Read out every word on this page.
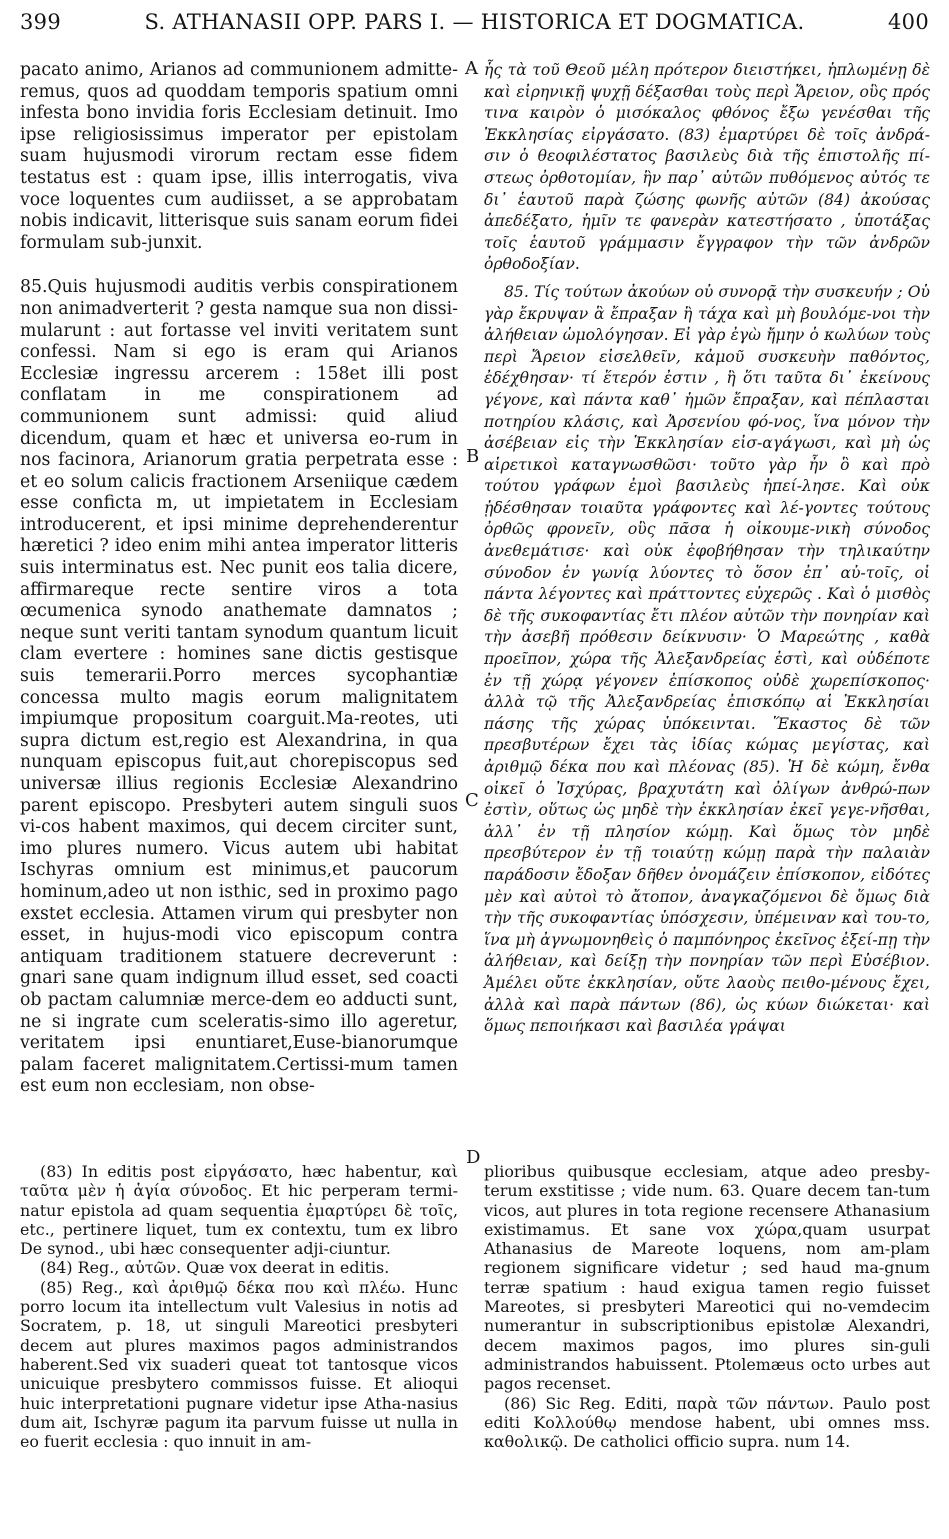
399	S. ATHANASII OPP. PARS I. — HISTORICA ET DOGMATICA.	400
A
B
C
D

pacato animo, Arianos ad communionem admitte-remus, quos ad quoddam temporis spatium omni infesta bono invidia foris Ecclesiam detinuit. Imo ipse religiosissimus imperator per epistolam suam hujusmodi virorum rectam esse fidem testatus est : quam ipse, illis interrogatis, viva voce loquentes cum audiisset, a se approbatam nobis indicavit, litterisque suis sanam eorum fidei formulam sub-junxit.

85.Quis hujusmodi auditis verbis conspirationem non animadverterit ? gesta namque sua non dissi-mularunt : aut fortasse vel inviti veritatem sunt confessi. Nam si ego is eram qui Arianos Ecclesiæ ingressu arcerem : 158et illi post conflatam in me conspirationem ad communionem sunt admissi: quid aliud dicendum, quam et hæc et universa eo-rum in nos facinora, Arianorum gratia perpetrata esse : et eo solum calicis fractionem Arseniique cædem esse conficta m, ut impietatem in Ecclesiam introducerent, et ipsi minime deprehenderentur hæretici ? ideo enim mihi antea imperator litteris suis interminatus est. Nec punit eos talia dicere, affirmareque recte sentire viros a tota œcumenica synodo anathemate damnatos ; neque sunt veriti tantam synodum quantum licuit clam evertere : homines sane dictis gestisque suis temerarii.Porro merces sycophantiæ concessa multo magis eorum malignitatem impiumque propositum coarguit.Ma-reotes, uti supra dictum est,regio est Alexandrina, in qua nunquam episcopus fuit,aut chorepiscopus sed universæ illius regionis Ecclesiæ Alexandrino parent episcopo. Presbyteri autem singuli suos vi-cos habent maximos, qui decem circiter sunt, imo plures numero. Vicus autem ubi habitat Ischyras omnium est minimus,et paucorum hominum,adeo ut non isthic, sed in proximo pago exstet ecclesia. Attamen virum qui presbyter non esset, in hujus-modi vico episcopum contra antiquam traditionem statuere decreverunt : gnari sane quam indignum illud esset, sed coacti ob pactam calumniæ merce-dem eo adducti sunt, ne si ingrate cum sceleratis-simo illo ageretur, veritatem ipsi enuntiaret,Euse-bianorumque palam faceret malignitatem.Certissi-mum tamen est eum non ecclesiam, non obse-

ἧς τὰ τοῦ Θεοῦ μέλη πρότερον διειστήκει, ἡπλωμένῃ δὲ καὶ εἰρηνικῇ ψυχῇ δέξασθαι τοὺς περὶ Ἄρειον, οὓς πρός τινα καιρὸν ὁ μισόκαλος φθόνος ἔξω γενέσθαι τῆς Ἐκκλησίας εἰργάσατο. (83) ἐμαρτύρει δὲ τοῖς ἀνδρά-σιν ὁ θεοφιλέστατος βασιλεὺς διὰ τῆς ἐπιστολῆς πί-στεως ὀρθοτομίαν, ἣν παρ᾽ αὐτῶν πυθόμενος αὐτός τε δι᾽ ἑαυτοῦ παρὰ ζώσης φωνῆς αὐτῶν (84) ἀκούσας ἀπεδέξατο, ἡμῖν τε φανερὰν κατεστήσατο , ὑποτάξας τοῖς ἑαυτοῦ γράμμασιν ἔγγραφον τὴν τῶν ἀνδρῶν ὀρθοδοξίαν.

85. Τίς τούτων ἀκούων οὐ συνορᾷ τὴν συσκευήν ; Οὐ γὰρ ἔκρυψαν ἃ ἔπραξαν ἢ τάχα καὶ μὴ βουλόμε-νοι τὴν ἀλήθειαν ὡμολόγησαν. Εἰ γὰρ ἐγὼ ἤμην ὁ κωλύων τοὺς περὶ Ἄρειον εἰσελθεῖν, κἀμοῦ συσκευὴν παθόντος, ἐδέχθησαν· τί ἕτερόν ἐστιν , ἢ ὅτι ταῦτα δι᾽ ἐκείνους γέγονε, καὶ πάντα καθ᾽ ἡμῶν ἔπραξαν, καὶ πέπλασται ποτηρίου κλάσις, καὶ Ἀρσενίου φό-νος, ἵνα μόνον τὴν ἀσέβειαν εἰς τὴν Ἐκκλησίαν εἰσ-αγάγωσι, καὶ μὴ ὡς αἱρετικοὶ καταγνωσθῶσι· τοῦτο γὰρ ἦν ὃ καὶ πρὸ τούτου γράφων ἐμοὶ βασιλεὺς ἠπεί-λησε. Καὶ οὐκ ᾐδέσθησαν τοιαῦτα γράφοντες καὶ λέ-γοντες τούτους ὀρθῶς φρονεῖν, οὓς πᾶσα ἡ οἰκουμε-νικὴ σύνοδος ἀνεθεμάτισε· καὶ οὐκ ἐφοβήθησαν τὴν τηλικαύτην σύνοδον ἐν γωνίᾳ λύοντες τὸ ὅσον ἐπ᾽ αὐ-τοῖς, οἱ πάντα λέγοντες καὶ πράττοντες εὐχερῶς . Καὶ ὁ μισθὸς δὲ τῆς συκοφαντίας ἔτι πλέον αὐτῶν τὴν πονηρίαν καὶ τὴν ἀσεβῆ πρόθεσιν δείκνυσιν· Ὁ Μαρεώτης , καθὰ προεῖπον, χώρα τῆς Ἀλεξανδρείας ἐστὶ, καὶ οὐδέποτε ἐν τῇ χώρᾳ γέγονεν ἐπίσκοπος οὐδὲ χωρεπίσκοπος· ἀλλὰ τῷ τῆς Ἀλεξανδρείας ἐπισκόπῳ αἱ Ἐκκλησίαι πάσης τῆς χώρας ὑπόκεινται. Ἕκαστος δὲ τῶν πρεσβυτέρων ἔχει τὰς ἰδίας κώμας μεγίστας, καὶ ἀριθμῷ δέκα που καὶ πλέονας (85). Ἡ δὲ κώμη, ἔνθα οἰκεῖ ὁ Ἰσχύρας, βραχυτάτη καὶ ὀλίγων ἀνθρώ-πων ἐστὶν, οὕτως ὡς μηδὲ τὴν ἐκκλησίαν ἐκεῖ γεγε-νῆσθαι, ἀλλ᾽ ἐν τῇ πλησίον κώμῃ. Καὶ ὅμως τὸν μηδὲ πρεσβύτερον ἐν τῇ τοιαύτῃ κώμῃ παρὰ τὴν παλαιὰν παράδοσιν ἔδοξαν δῆθεν ὀνομάζειν ἐπίσκοπον, εἰδότες μὲν καὶ αὐτοὶ τὸ ἄτοπον, ἀναγκαζόμενοι δὲ ὅμως διὰ τὴν τῆς συκοφαντίας ὑπόσχεσιν, ὑπέμειναν καὶ του-το, ἵνα μὴ ἀγνωμονηθεὶς ὁ παμπόνηρος ἐκεῖνος ἐξεί-πῃ τὴν ἀλήθειαν, καὶ δείξῃ τὴν πονηρίαν τῶν περὶ Εὐσέβιον. Ἀμέλει οὔτε ἐκκλησίαν, οὔτε λαοὺς πειθο-μένους ἔχει, ἀλλὰ καὶ παρὰ πάντων (86), ὡς κύων διώκεται· καὶ ὅμως πεποιήκασι καὶ βασιλέα γράψαι

(83) In editis post εἰργάσατο, hæc habentur, καὶ ταῦτα μὲν ἡ ἁγία σύνοδος. Et hic perperam termi-natur epistola ad quam sequentia ἐμαρτύρει δὲ τοῖς, etc., pertinere liquet, tum ex contextu, tum ex libro De synod., ubi hæc consequenter adji-ciuntur.

(84) Reg., αὐτῶν. Quæ vox deerat in editis.

(85) Reg., καὶ ἀριθμῷ δέκα που καὶ πλέω. Hunc porro locum ita intellectum vult Valesius in notis ad Socratem, p. 18, ut singuli Mareotici presbyteri decem aut plures maximos pagos administrandos haberent.Sed vix suaderi queat tot tantosque vicos unicuique presbytero commissos fuisse. Et alioqui huic interpretationi pugnare videtur ipse Atha-nasius dum ait, Ischyræ pagum ita parvum fuisse ut nulla in eo fuerit ecclesia : quo innuit in am-

plioribus quibusque ecclesiam, atque adeo presby-terum exstitisse ; vide num. 63. Quare decem tan-tum vicos, aut plures in tota regione recensere Athanasium existimamus. Et sane vox χώρα,quam usurpat Athanasius de Mareote loquens, nom am-plam regionem significare videtur ; sed haud ma-gnum terræ spatium : haud exigua tamen regio fuisset Mareotes, si presbyteri Mareotici qui no-vemdecim numerantur in subscriptionibus epistolæ Alexandri, decem maximos pagos, imo plures sin-guli administrandos habuissent. Ptolemæus octo urbes aut pagos recenset.

(86) Sic Reg. Editi, παρὰ τῶν πάντων. Paulo post editi Κολλούθῳ mendose habent, ubi omnes mss. καθολικῷ. De catholici officio supra. num 14.
